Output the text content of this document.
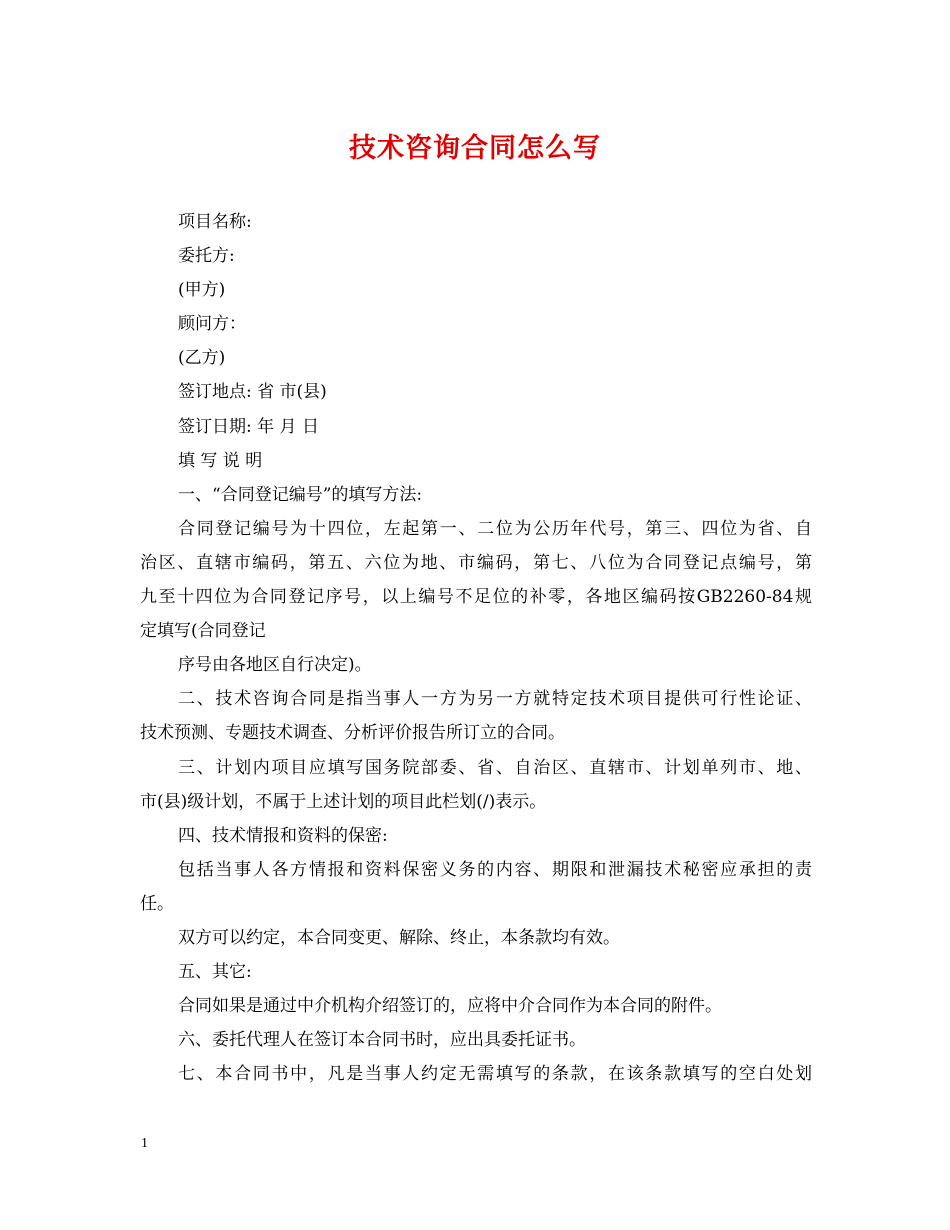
技术咨询合同怎么写
项目名称:
委托方:
(甲方)
顾问方：
(乙方)
签订地点: 省 市(县)
签订日期: 年 月 日
填 写 说 明
一、“合同登记编号”的填写方法:
合同登记编号为十四位，左起第一、二位为公历年代号，第三、四位为省、自
治区、直辖市编码，第五、六位为地、市编码，第七、八位为合同登记点编号，第
九至十四位为合同登记序号，以上编号不足位的补零，各地区编码按GB2260-84规
定填写(合同登记
序号由各地区自行决定)。
二、技术咨询合同是指当事人一方为另一方就特定技术项目提供可行性论证、
技术预测、专题技术调查、分析评价报告所订立的合同。
三、计划内项目应填写国务院部委、省、自治区、直辖市、计划单列市、地、
市(县)级计划，不属于上述计划的项目此栏划(/)表示。
四、技术情报和资料的保密:
包括当事人各方情报和资料保密义务的内容、期限和泄漏技术秘密应承担的责
任。
双方可以约定，本合同变更、解除、终止，本条款均有效。
五、其它:
合同如果是通过中介机构介绍签订的，应将中介合同作为本合同的附件。
六、委托代理人在签订本合同书时，应出具委托证书。
七、本合同书中，凡是当事人约定无需填写的条款，在该条款填写的空白处划
1
